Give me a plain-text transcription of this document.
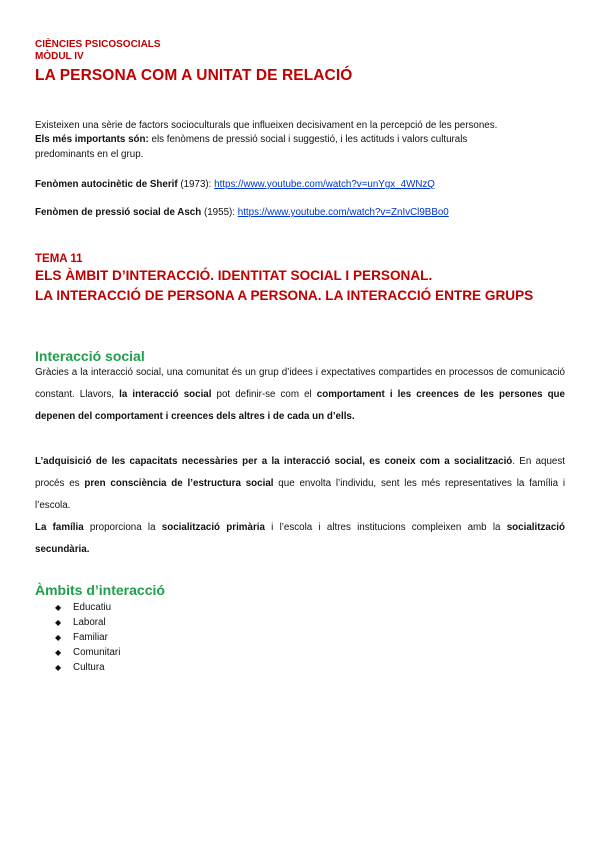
CIÈNCIES PSICOSOCIALS
MÒDUL IV
LA PERSONA COM A UNITAT DE RELACIÓ
Existeixen una sèrie de factors socioculturals que influeixen decisivament en la percepció de les persones.
Els més importants són: els fenòmens de pressió social i suggestió, i les actituds i valors culturals
predominants en el grup.
Fenòmen autocinètic de Sherif (1973): https://www.youtube.com/watch?v=unYgx_4WNzQ
Fenòmen de pressió social de Asch (1955): https://www.youtube.com/watch?v=ZnIvCl9BBo0
TEMA 11
ELS ÀMBIT D’INTERACCIÓ. IDENTITAT SOCIAL I PERSONAL.
LA INTERACCIÓ DE PERSONA A PERSONA. LA INTERACCIÓ ENTRE GRUPS
Interacció social
Gràcies a la interacció social, una comunitat és un grup d’idees i expectatives compartides en processos de comunicació constant. Llavors, la interacció social pot definir-se com el comportament i les creences de les persones que depenen del comportament i creences dels altres i de cada un d’ells.
L’adquisició de les capacitats necessàries per a la interacció social, es coneix com a socialització. En aquest procés es pren consciència de l’estructura social que envolta l’individu, sent les més representatives la família i l’escola.
La família proporciona la socialització primària i l’escola i altres institucions compleixen amb la socialització secundària.
Àmbits d’interacció
◆ Educatiu
◆ Laboral
◆ Familiar
◆ Comunitari
◆ Cultura
